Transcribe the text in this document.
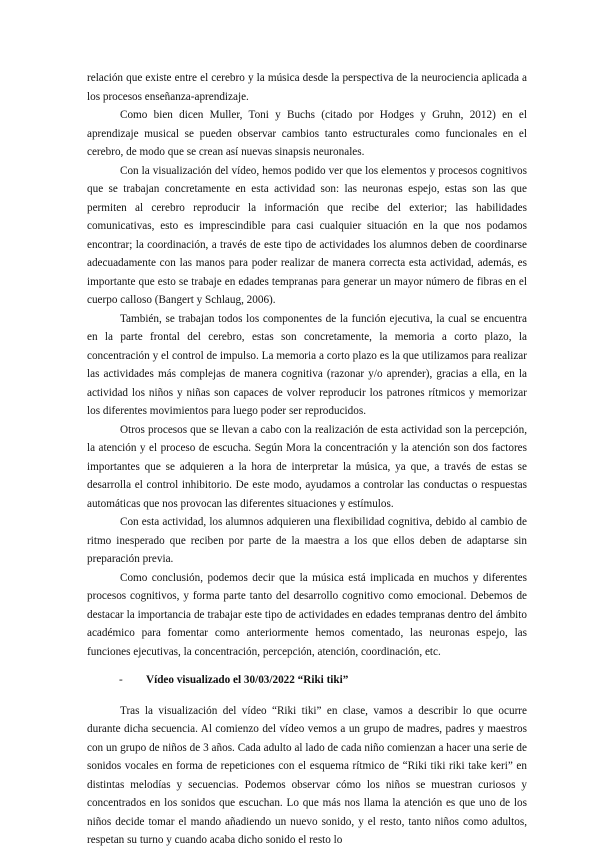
relación que existe entre el cerebro y la música desde la perspectiva de la neurociencia aplicada a los procesos enseñanza-aprendizaje.

Como bien dicen Muller, Toni y Buchs (citado por Hodges y Gruhn, 2012) en el aprendizaje musical se pueden observar cambios tanto estructurales como funcionales en el cerebro, de modo que se crean así nuevas sinapsis neuronales.

Con la visualización del vídeo, hemos podido ver que los elementos y procesos cognitivos que se trabajan concretamente en esta actividad son: las neuronas espejo, estas son las que permiten al cerebro reproducir la información que recibe del exterior; las habilidades comunicativas, esto es imprescindible para casi cualquier situación en la que nos podamos encontrar; la coordinación, a través de este tipo de actividades los alumnos deben de coordinarse adecuadamente con las manos para poder realizar de manera correcta esta actividad, además, es importante que esto se trabaje en edades tempranas para generar un mayor número de fibras en el cuerpo calloso (Bangert y Schlaug, 2006).

También, se trabajan todos los componentes de la función ejecutiva, la cual se encuentra en la parte frontal del cerebro, estas son concretamente, la memoria a corto plazo, la concentración y el control de impulso. La memoria a corto plazo es la que utilizamos para realizar las actividades más complejas de manera cognitiva (razonar y/o aprender), gracias a ella, en la actividad los niños y niñas son capaces de volver reproducir los patrones rítmicos y memorizar los diferentes movimientos para luego poder ser reproducidos.

Otros procesos que se llevan a cabo con la realización de esta actividad son la percepción, la atención y el proceso de escucha. Según Mora la concentración y la atención son dos factores importantes que se adquieren a la hora de interpretar la música, ya que, a través de estas se desarrolla el control inhibitorio. De este modo, ayudamos a controlar las conductas o respuestas automáticas que nos provocan las diferentes situaciones y estímulos.

Con esta actividad, los alumnos adquieren una flexibilidad cognitiva, debido al cambio de ritmo inesperado que reciben por parte de la maestra a los que ellos deben de adaptarse sin preparación previa.

Como conclusión, podemos decir que la música está implicada en muchos y diferentes procesos cognitivos, y forma parte tanto del desarrollo cognitivo como emocional. Debemos de destacar la importancia de trabajar este tipo de actividades en edades tempranas dentro del ámbito académico para fomentar como anteriormente hemos comentado, las neuronas espejo, las funciones ejecutivas, la concentración, percepción, atención, coordinación, etc.

-	Vídeo visualizado el 30/03/2022 “Riki tiki”

Tras la visualización del vídeo “Riki tiki” en clase, vamos a describir lo que ocurre durante dicha secuencia. Al comienzo del vídeo vemos a un grupo de madres, padres y maestros con un grupo de niños de 3 años. Cada adulto al lado de cada niño comienzan a hacer una serie de sonidos vocales en forma de repeticiones con el esquema rítmico de “Riki tiki riki take keri” en distintas melodías y secuencias. Podemos observar cómo los niños se muestran curiosos y concentrados en los sonidos que escuchan. Lo que más nos llama la atención es que uno de los niños decide tomar el mando añadiendo un nuevo sonido, y el resto, tanto niños como adultos, respetan su turno y cuando acaba dicho sonido el resto lo
